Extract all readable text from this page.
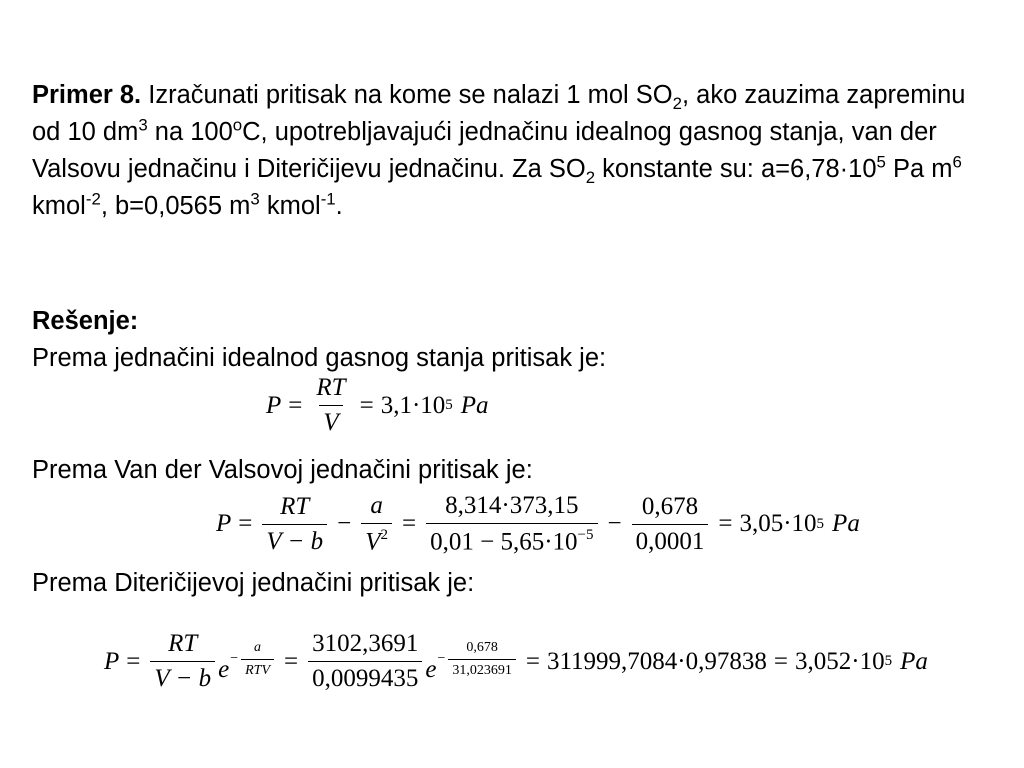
Primer 8. Izračunati pritisak na kome se nalazi 1 mol $SO_2$, ako zauzima zapreminu od 10 $dm^3$ na 100$^o$C, upotrebljavajući jednačinu idealnog gasnog stanja, van der Valsovu jednačinu i Diteričijevu jednačinu. Za $SO_2$ konstante su: $a=6,78\cdot 10^5$ Pa $m^6$ kmol$^{-2}$, b=0,0565 $m^3$ kmol$^{-1}$.
Rešenje:
Prema jednačini idealnod gasnog stanja pritisak je:
$P = \frac{RT}{V} = 3,1\cdot 10$ 5 Pa
Prema Van der Valsovoj jednačini pritisak je:
$P = \frac{RT}{V - b} - \frac{a}{V^2} = \frac{8,314\cdot 373,15}{0,01 - 5,65\cdot 10^{-5}} - \frac{0,678}{0,0001} = 3,05\cdot 10$ 5 Pa
Prema Diteričijevoj jednačini pritisak je:
$P = \frac{RT}{V - b}$ $e - \frac{a}{\text{RTV}} = \frac{3102,3691}{0,0099435}$ $e - \frac{0,678}{31,023691} = 311999,7084\cdot 0,97838 = 3,052\cdot 10$ 5 Pa
